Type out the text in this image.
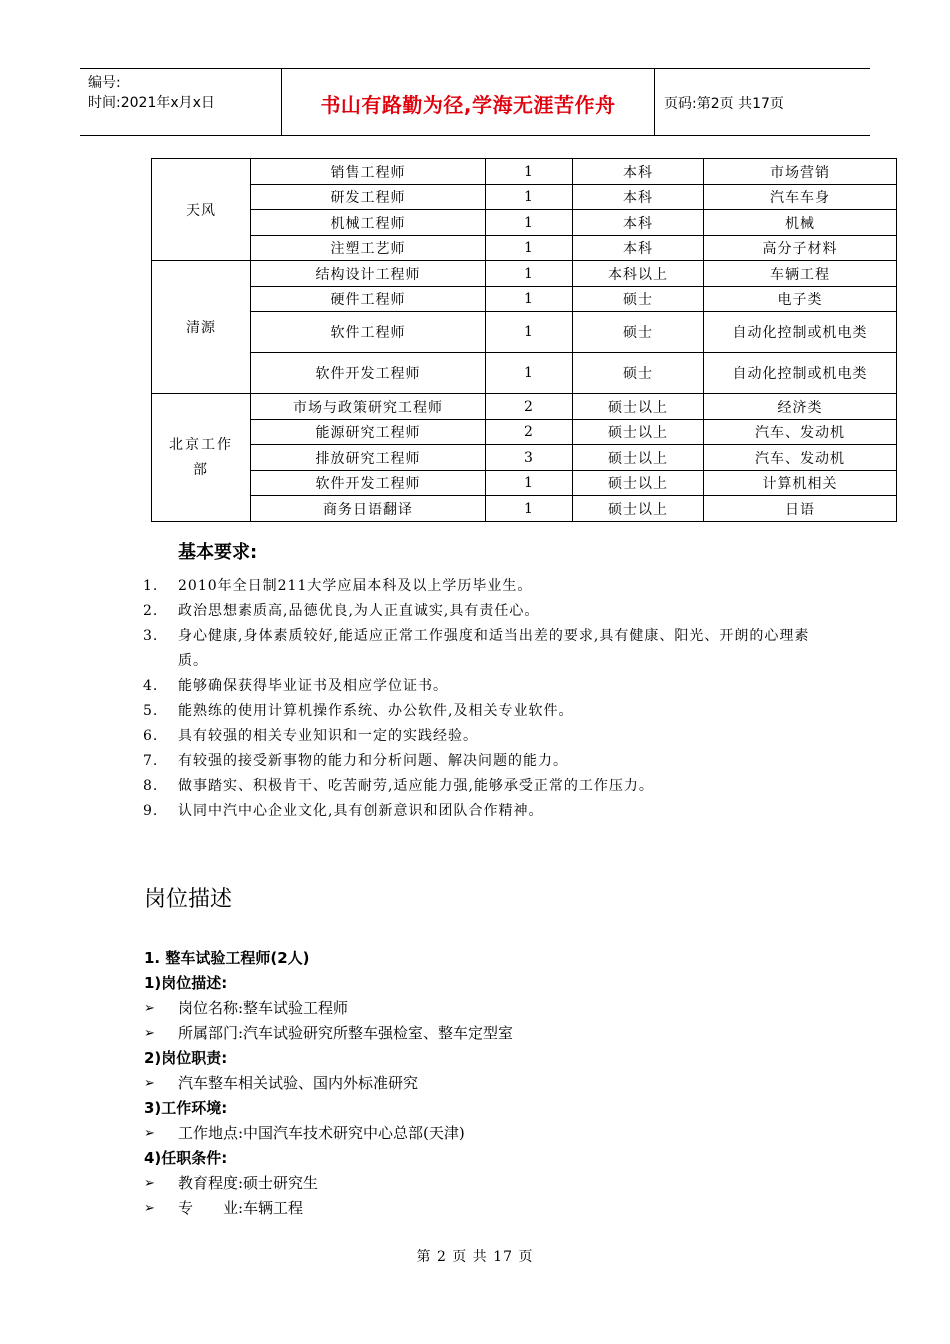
编号:
时间:2021年x月x日	书山有路勤为径,学海无涯苦作舟	页码:第2页 共17页
天风	销售工程师	1	本科	市场营销
	研发工程师	1	本科	汽车车身
	机械工程师	1	本科	机械
	注塑工艺师	1	本科	高分子材料
清源	结构设计工程师	1	本科以上	车辆工程
	硬件工程师	1	硕士	电子类
	软件工程师	1	硕士	自动化控制或机电类
	软件开发工程师	1	硕士	自动化控制或机电类

北京工作部	市场与政策研究工程师	2	硕士以上	经济类
	能源研究工程师	2	硕士以上	汽车、发动机
	排放研究工程师	3	硕士以上	汽车、发动机
	软件开发工程师	1	硕士以上	计算机相关
	商务日语翻译	1	硕士以上	日语
基本要求:
1. 2010年全日制211大学应届本科及以上学历毕业生。
2. 政治思想素质高,品德优良,为人正直诚实,具有责任心。
3. 身心健康,身体素质较好,能适应正常工作强度和适当出差的要求,具有健康、阳光、开朗的心理素质。
4. 能够确保获得毕业证书及相应学位证书。
5. 能熟练的使用计算机操作系统、办公软件,及相关专业软件。
6. 具有较强的相关专业知识和一定的实践经验。
7. 有较强的接受新事物的能力和分析问题、解决问题的能力。
8. 做事踏实、积极肯干、吃苦耐劳,适应能力强,能够承受正常的工作压力。
9. 认同中汽中心企业文化,具有创新意识和团队合作精神。
岗位描述
1. 整车试验工程师(2人)
1)岗位描述:
➢ 岗位名称:整车试验工程师
➢ 所属部门:汽车试验研究所整车强检室、整车定型室
2)岗位职责:
➢ 汽车整车相关试验、国内外标准研究
3)工作环境:
➢ 工作地点:中国汽车技术研究中心总部(天津)
4)任职条件:
➢ 教育程度:硕士研究生
➢ 专　　业:车辆工程
第 2 页 共 17 页
